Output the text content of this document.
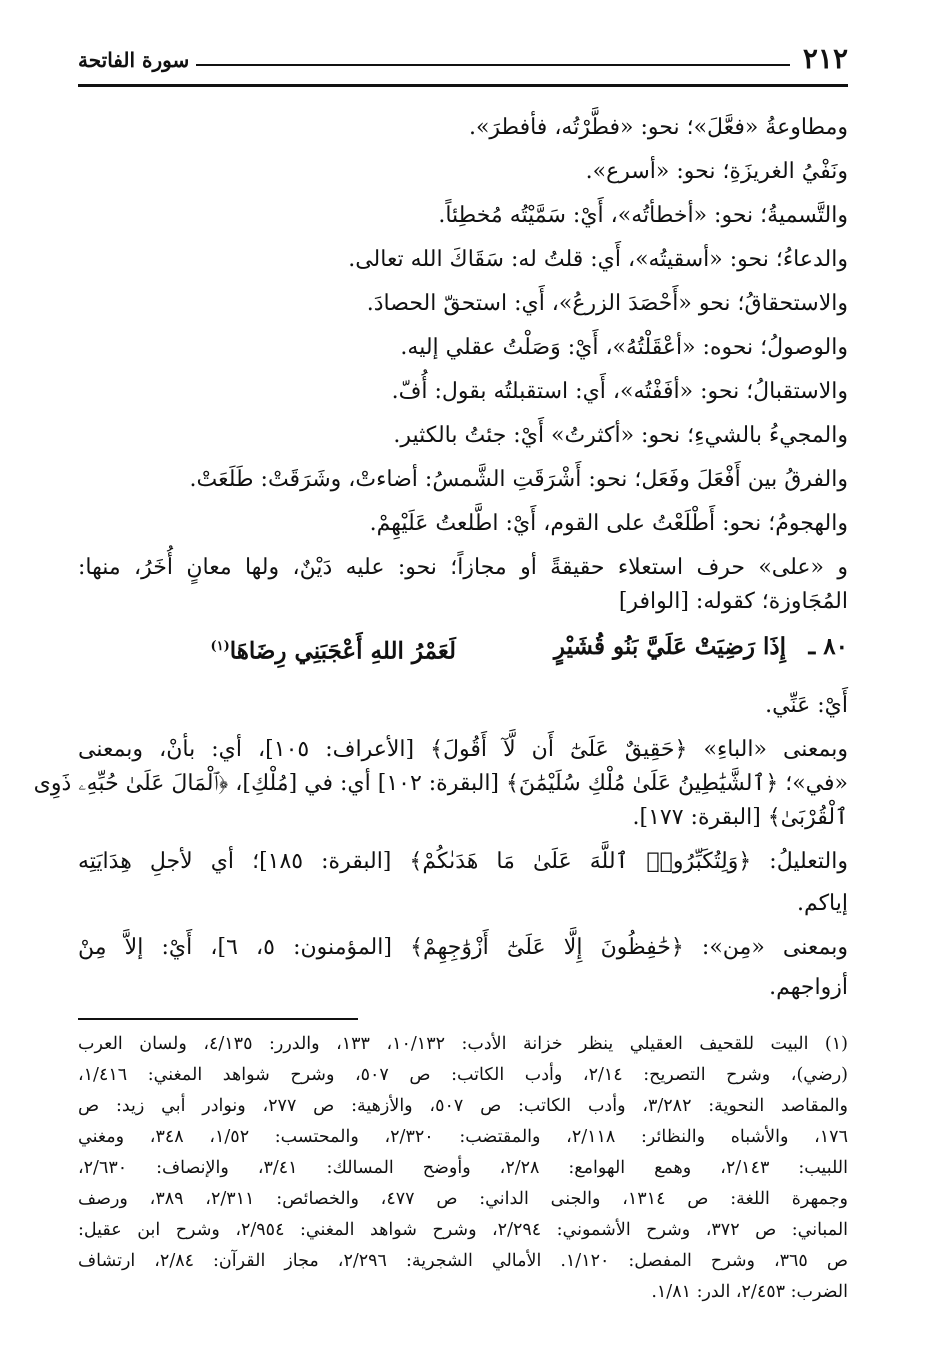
٢١٢
سورة الفاتحة
ومطاوعةُ «فعَّلَ»؛ نحو: «فطَّرْتُه، فأفطرَ».
ونَفْيُ الغريزَةِ؛ نحو: «أسرع».
والتَّسميةُ؛ نحو: «أخطأتُه»، أَيْ: سَمَّيْتُه مُخطِئاً.
والدعاءُ؛ نحو: «أسقيتُه»، أَي: قلتُ له: سَقَاكَ الله تعالى.
والاستحقاقُ؛ نحو «أَحْصَدَ الزرعُ»، أَي: استحقّ الحصادَ.
والوصولُ؛ نحوه: «أعْقَلْتُهُ»، أَيْ: وَصَلْتُ عقلي إليه.
والاستقبالُ؛ نحو: «أفَفْتُه»، أَي: استقبلتُه بقول: أُفّ.
والمجيءُ بالشيءِ؛ نحو: «أكثرتُ» أَيْ: جئتُ بالكثير.
والفرقُ بين أَفْعَلَ وفَعَل؛ نحو: أَشْرَقَتِ الشَّمسُ: أضاءتْ، وشَرَقَتْ: طَلَعَتْ.
والهجومُ؛ نحو: أَطْلَعْتُ على القوم، أَيْ: اطَّلعتُ عَلَيْهِمْ.
و «على» حرف استعلاء حقيقةً أو مجازاً؛ نحو: عليه دَيْنٌ، ولها معانٍ أُخَرُ، منها:
المُجَاوزة؛ كقوله: [الوافر]
٨٠ ـ
إِذَا رَضِيَتْ عَلَيَّ بَنُو قُشَيْرٍ
لَعَمْرُ اللهِ أَعْجَبَنِي رِضَاهَا$^{(١)}$
أَيْ: عَنِّي.
وبمعنى «الباءِ» ﴿حَقِيقٌ عَلَىٰٓ أَن لَّآ أَقُولَ﴾ [الأعراف: ١٠٥]، أي: بأنْ، وبمعنى
«في»؛ ﴿ٱلشَّيَٰطِينُ عَلَىٰ مُلْكِ سُلَيْمَٰنَ﴾ [البقرة: ١٠٢] أي: في [مُلْكِ]، ﴿ٱلْمَالَ عَلَىٰ حُبِّهِۦ ذَوِى
ٱلْقُرْبَىٰ﴾ [البقرة: ١٧٧].
والتعليلُ: ﴿وَلِتُكَبِّرُوا۟ ٱللَّهَ عَلَىٰ مَا هَدَىٰكُمْ﴾ [البقرة: ١٨٥]؛ أي لأجلِ هِدَايَتِه
إياكم.
وبمعنى «مِن»: ﴿حَٰفِظُونَ إِلَّا عَلَىٰٓ أَزْوَٰجِهِمْ﴾ [المؤمنون: ٥، ٦]، أَيْ: إلاَّ مِنْ
أزواجهم.
(١) البيت للقحيف العقيلي ينظر خزانة الأدب: ١٠/١٣٢، ١٣٣، والدرر: ٤/١٣٥، ولسان العرب
(رضي)، وشرح التصريح: ٢/١٤، وأدب الكاتب: ص ٥٠٧، وشرح شواهد المغني: ١/٤١٦،
والمقاصد النحوية: ٣/٢٨٢، وأدب الكاتب: ص ٥٠٧، والأزهية: ص ٢٧٧، ونوادر أبي زيد: ص
١٧٦، والأشباه والنظائر: ٢/١١٨، والمقتضب: ٢/٣٢٠، والمحتسب: ١/٥٢، ٣٤٨، ومغني
اللبيب: ٢/١٤٣، وهمع الهوامع: ٢/٢٨، وأوضح المسالك: ٣/٤١، والإنصاف: ٢/٦٣٠،
وجمهرة اللغة: ص ١٣١٤، والجنى الداني: ص ٤٧٧، والخصائص: ٢/٣١١، ٣٨٩، ورصف
المباني: ص ٣٧٢، وشرح الأشموني: ٢/٢٩٤، وشرح شواهد المغني: ٢/٩٥٤، وشرح ابن عقيل:
ص ٣٦٥، وشرح المفصل: ١/١٢٠. الأمالي الشجرية: ٢/٢٩٦، مجاز القرآن: ٢/٨٤، ارتشاف
الضرب: ٢/٤٥٣، الدر: ١/٨١.
